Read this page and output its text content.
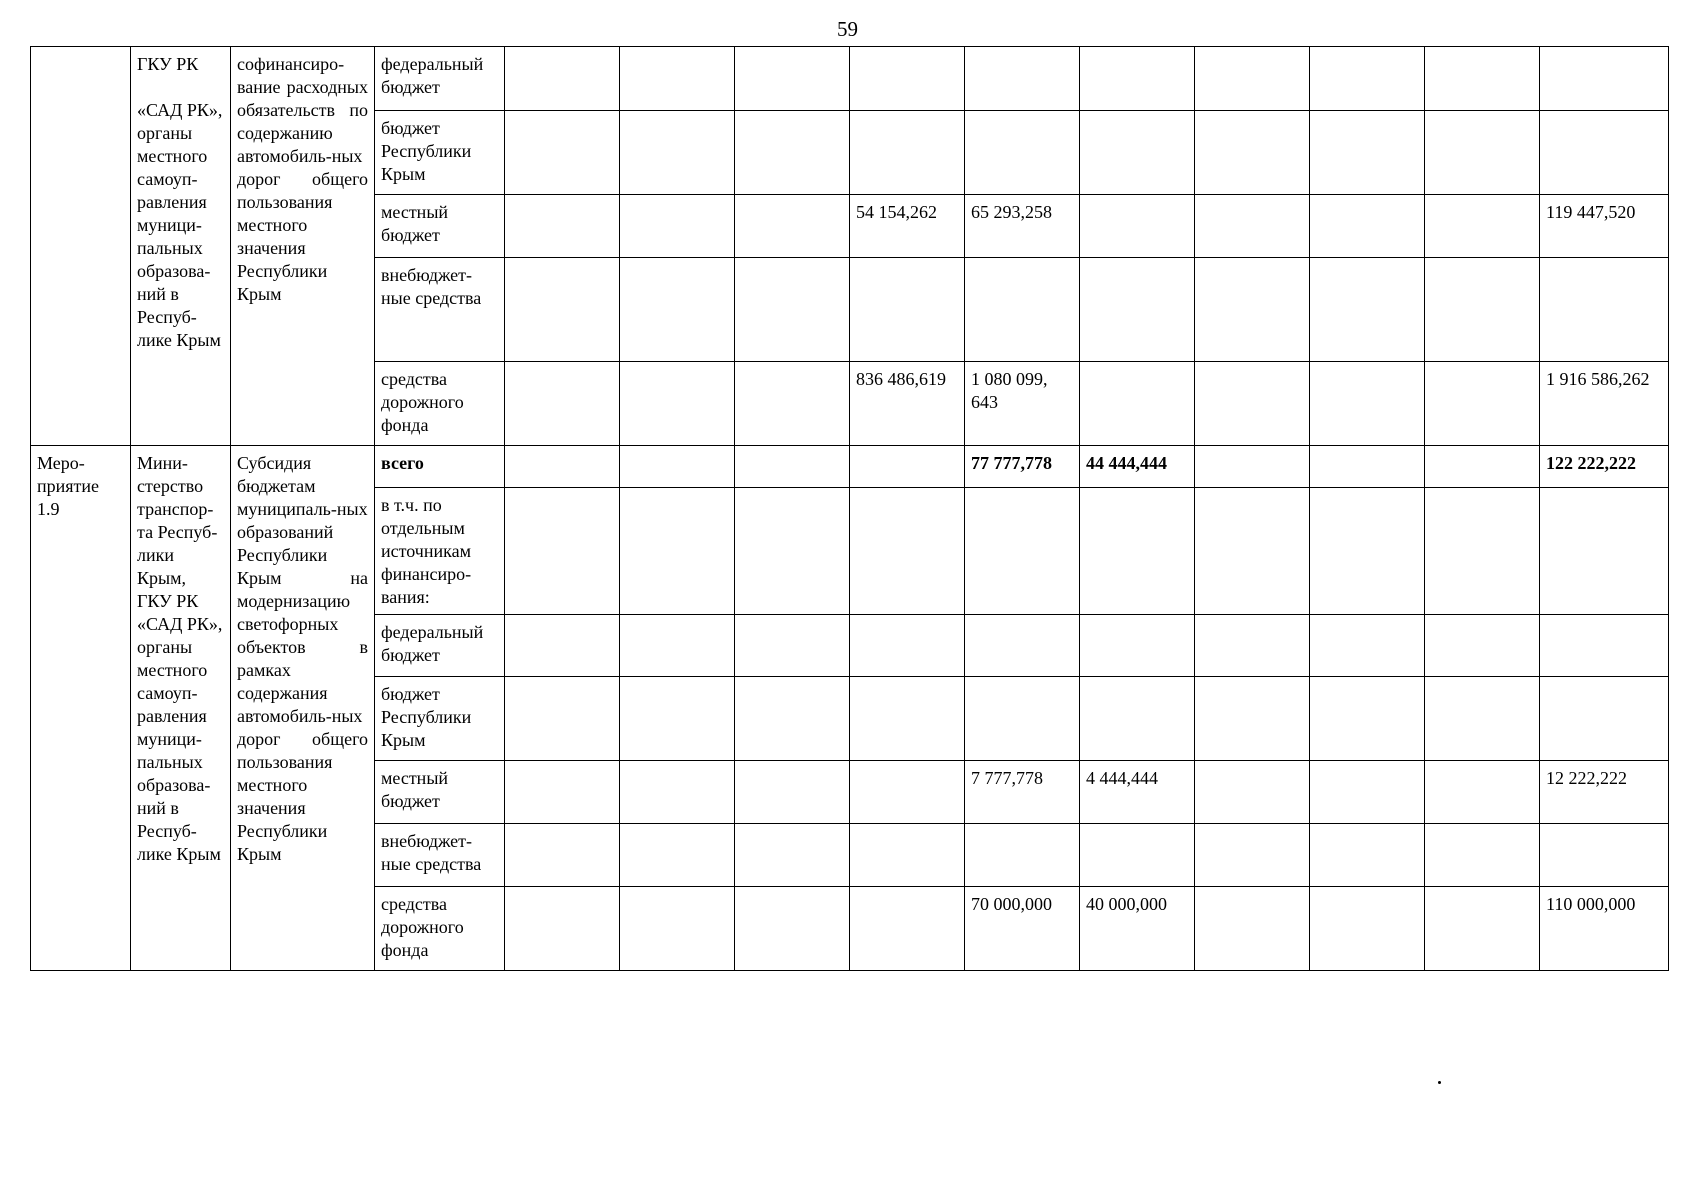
59
	ГКУ РК

«САД РК», органы местного самоуп-равления муници-пальных образова-ний в Респуб-лике Крым	софинансиро-вание расходных обязательств по содержанию автомобиль-ных дорог общего пользования местного значения Республики Крым	федеральный бюджет										
			бюджет Республики Крым										
			местный бюджет				54 154,262	65 293,258					119 447,520
			внебюджет-ные средства										
			средства дорожного фонда				836 486,619	1 080 099, 643					1 916 586,262
Меро-приятие 1.9	Мини-стерство транспор-та Респуб-лики Крым, ГКУ РК «САД РК», органы местного самоуп-равления муници-пальных образова-ний в Респуб-лике Крым	Субсидия бюджетам муниципаль-ных образований Республики Крым на модернизацию светофорных объектов в рамках содержания автомобиль-ных дорог общего пользования местного значения Республики Крым	всего					77 777,778	44 444,444				122 222,222
			в т.ч. по отдельным источникам финансиро-вания:										
			федеральный бюджет										
			бюджет Республики Крым										
			местный бюджет					7 777,778	4 444,444				12 222,222
			внебюджет-ные средства										
			средства дорожного фонда					70 000,000	40 000,000				110 000,000
